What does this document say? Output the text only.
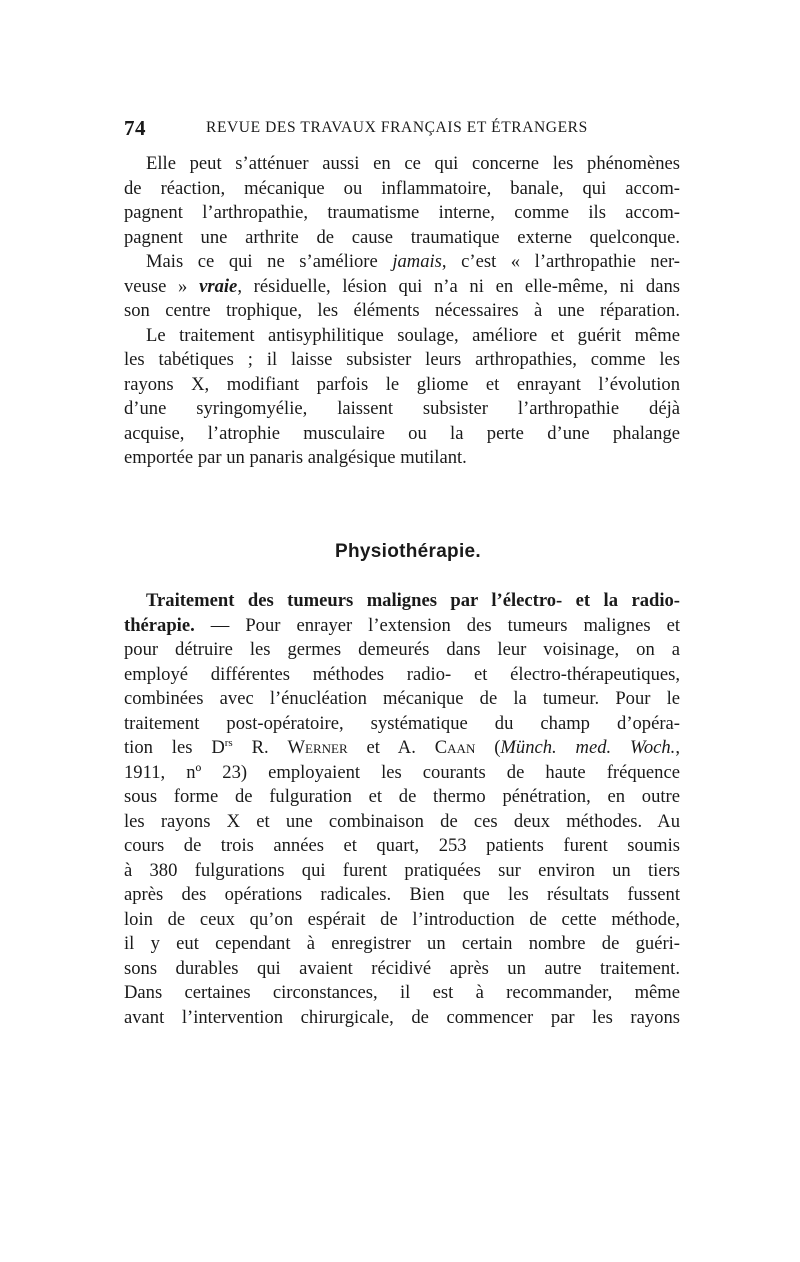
74	REVUE DES TRAVAUX FRANÇAIS ET ÉTRANGERS
Elle peut s’atténuer aussi en ce qui concerne les phénomènes
de réaction, mécanique ou inflammatoire, banale, qui accom-
pagnent l’arthropathie, traumatisme interne, comme ils accom-
pagnent une arthrite de cause traumatique externe quelconque.
Mais ce qui ne s’améliore jamais, c’est « l’arthropathie ner-
veuse » vraie, résiduelle, lésion qui n’a ni en elle-même, ni dans
son centre trophique, les éléments nécessaires à une réparation.
Le traitement antisyphilitique soulage, améliore et guérit même
les tabétiques ; il laisse subsister leurs arthropathies, comme les
rayons X, modifiant parfois le gliome et enrayant l’évolution
d’une syringomyélie, laissent subsister l’arthropathie déjà
acquise, l’atrophie musculaire ou la perte d’une phalange
emportée par un panaris analgésique mutilant.
Physiothérapie.
Traitement des tumeurs malignes par l’électro- et la radio-
thérapie. — Pour enrayer l’extension des tumeurs malignes et
pour détruire les germes demeurés dans leur voisinage, on a
employé différentes méthodes radio- et électro-thérapeutiques,
combinées avec l’énucléation mécanique de la tumeur. Pour le
traitement post-opératoire, systématique du champ d’opéra-
tion les $D^{rs}$ R. Werner et A. Caan (Münch. med. Woch.,
1911, nº 23) employaient les courants de haute fréquence
sous forme de fulguration et de thermo pénétration, en outre
les rayons X et une combinaison de ces deux méthodes. Au
cours de trois années et quart, 253 patients furent soumis
à 380 fulgurations qui furent pratiquées sur environ un tiers
après des opérations radicales. Bien que les résultats fussent
loin de ceux qu’on espérait de l’introduction de cette méthode,
il y eut cependant à enregistrer un certain nombre de guéri-
sons durables qui avaient récidivé après un autre traitement.
Dans certaines circonstances, il est à recommander, même
avant l’intervention chirurgicale, de commencer par les rayons
